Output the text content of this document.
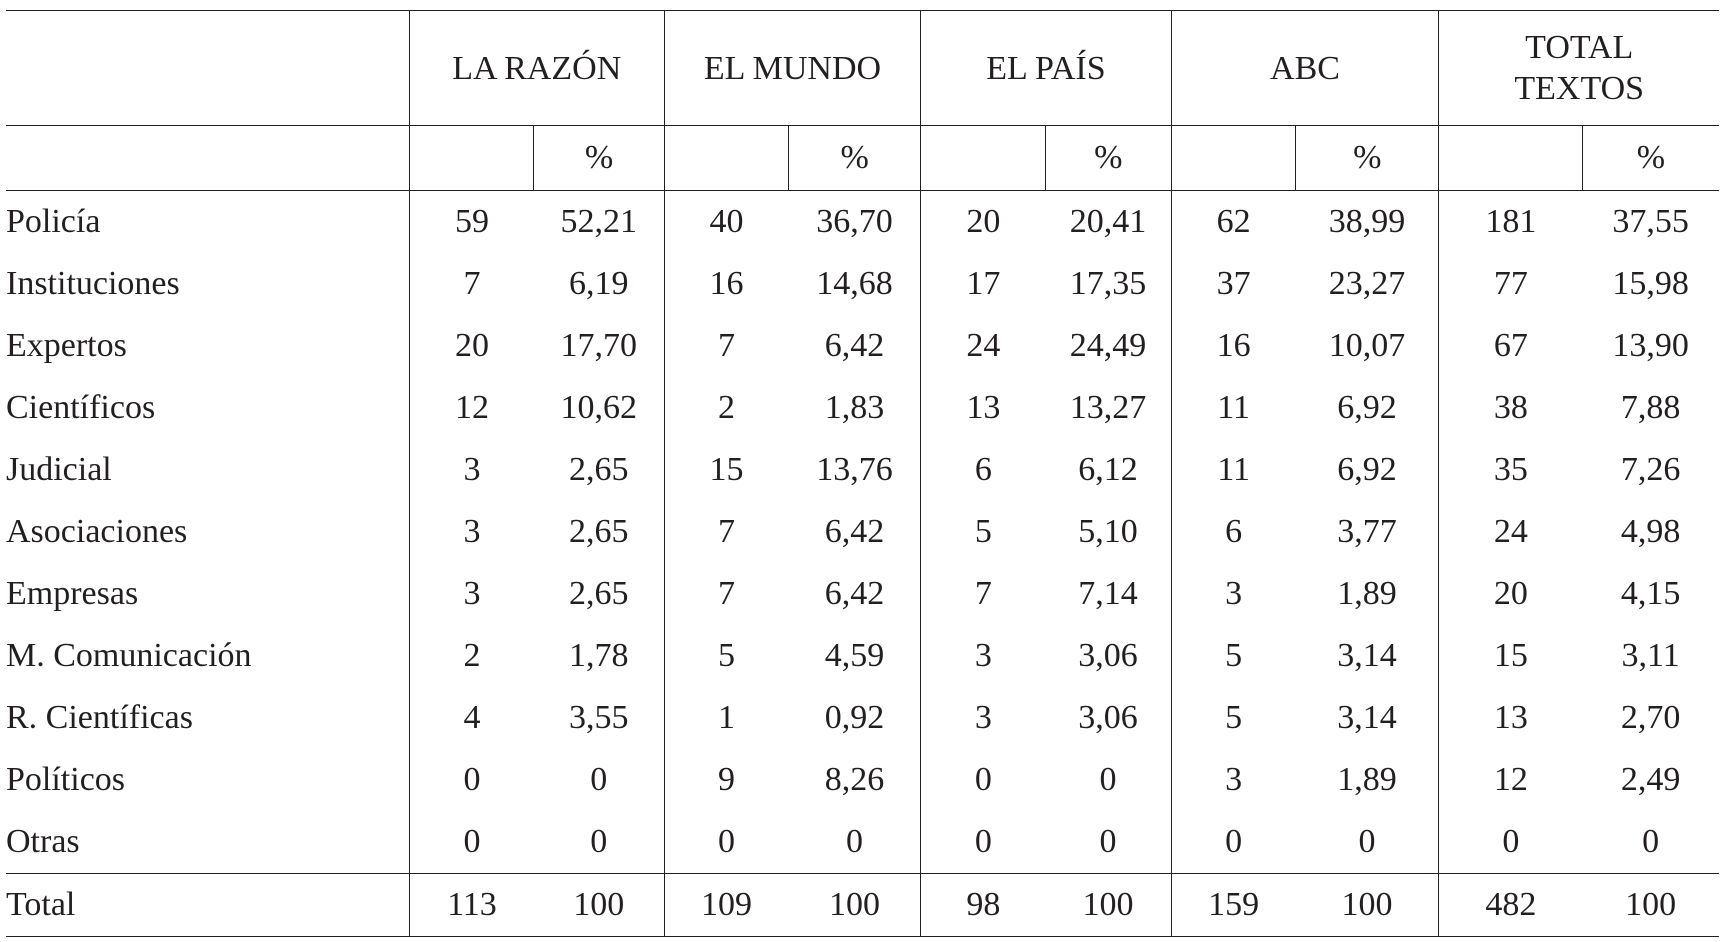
	LA RAZÓN		EL MUNDO		EL PAÍS		ABC		TOTAL
TEXTOS	
		%		%		%		%		%
Policía	59	52,21	40	36,70	20	20,41	62	38,99	181	37,55
Instituciones	7	6,19	16	14,68	17	17,35	37	23,27	77	15,98
Expertos	20	17,70	7	6,42	24	24,49	16	10,07	67	13,90
Científicos	12	10,62	2	1,83	13	13,27	11	6,92	38	7,88
Judicial	3	2,65	15	13,76	6	6,12	11	6,92	35	7,26
Asociaciones	3	2,65	7	6,42	5	5,10	6	3,77	24	4,98
Empresas	3	2,65	7	6,42	7	7,14	3	1,89	20	4,15
M. Comunicación	2	1,78	5	4,59	3	3,06	5	3,14	15	3,11
R. Científicas	4	3,55	1	0,92	3	3,06	5	3,14	13	2,70
Políticos	0	0	9	8,26	0	0	3	1,89	12	2,49
Otras	0	0	0	0	0	0	0	0	0	0
Total	113	100	109	100	98	100	159	100	482	100
